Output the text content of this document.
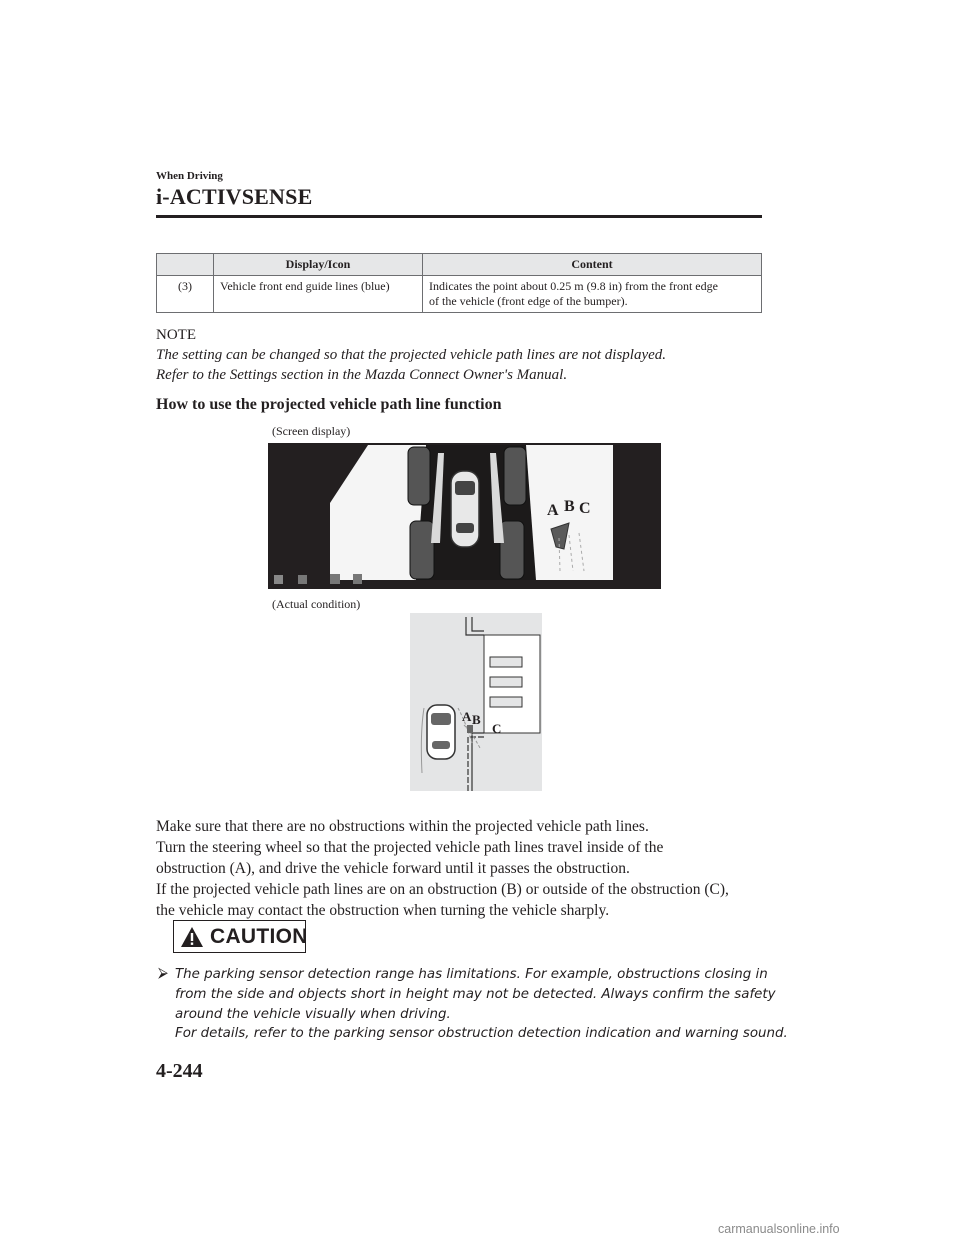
When Driving
i-ACTIVSENSE
	Display/Icon	Content
(3)	Vehicle front end guide lines (blue)	Indicates the point about 0.25 m (9.8 in) from the front edge
of the vehicle (front edge of the bumper).
NOTE
The setting can be changed so that the projected vehicle path lines are not displayed.
Refer to the Settings section in the Mazda Connect Owner's Manual.
How to use the projected vehicle path line function
(Screen display)
A B C
(Actual condition)
A B
C
Make sure that there are no obstructions within the projected vehicle path lines.
Turn the steering wheel so that the projected vehicle path lines travel inside of the
obstruction (A), and drive the vehicle forward until it passes the obstruction.
If the projected vehicle path lines are on an obstruction (B) or outside of the obstruction (C),
the vehicle may contact the obstruction when turning the vehicle sharply.
CAUTION
⮚ The parking sensor detection range has limitations. For example, obstructions closing in
from the side and objects short in height may not be detected. Always confirm the safety
around the vehicle visually when driving.
For details, refer to the parking sensor obstruction detection indication and warning sound.
4-244
carmanualsonline.info
